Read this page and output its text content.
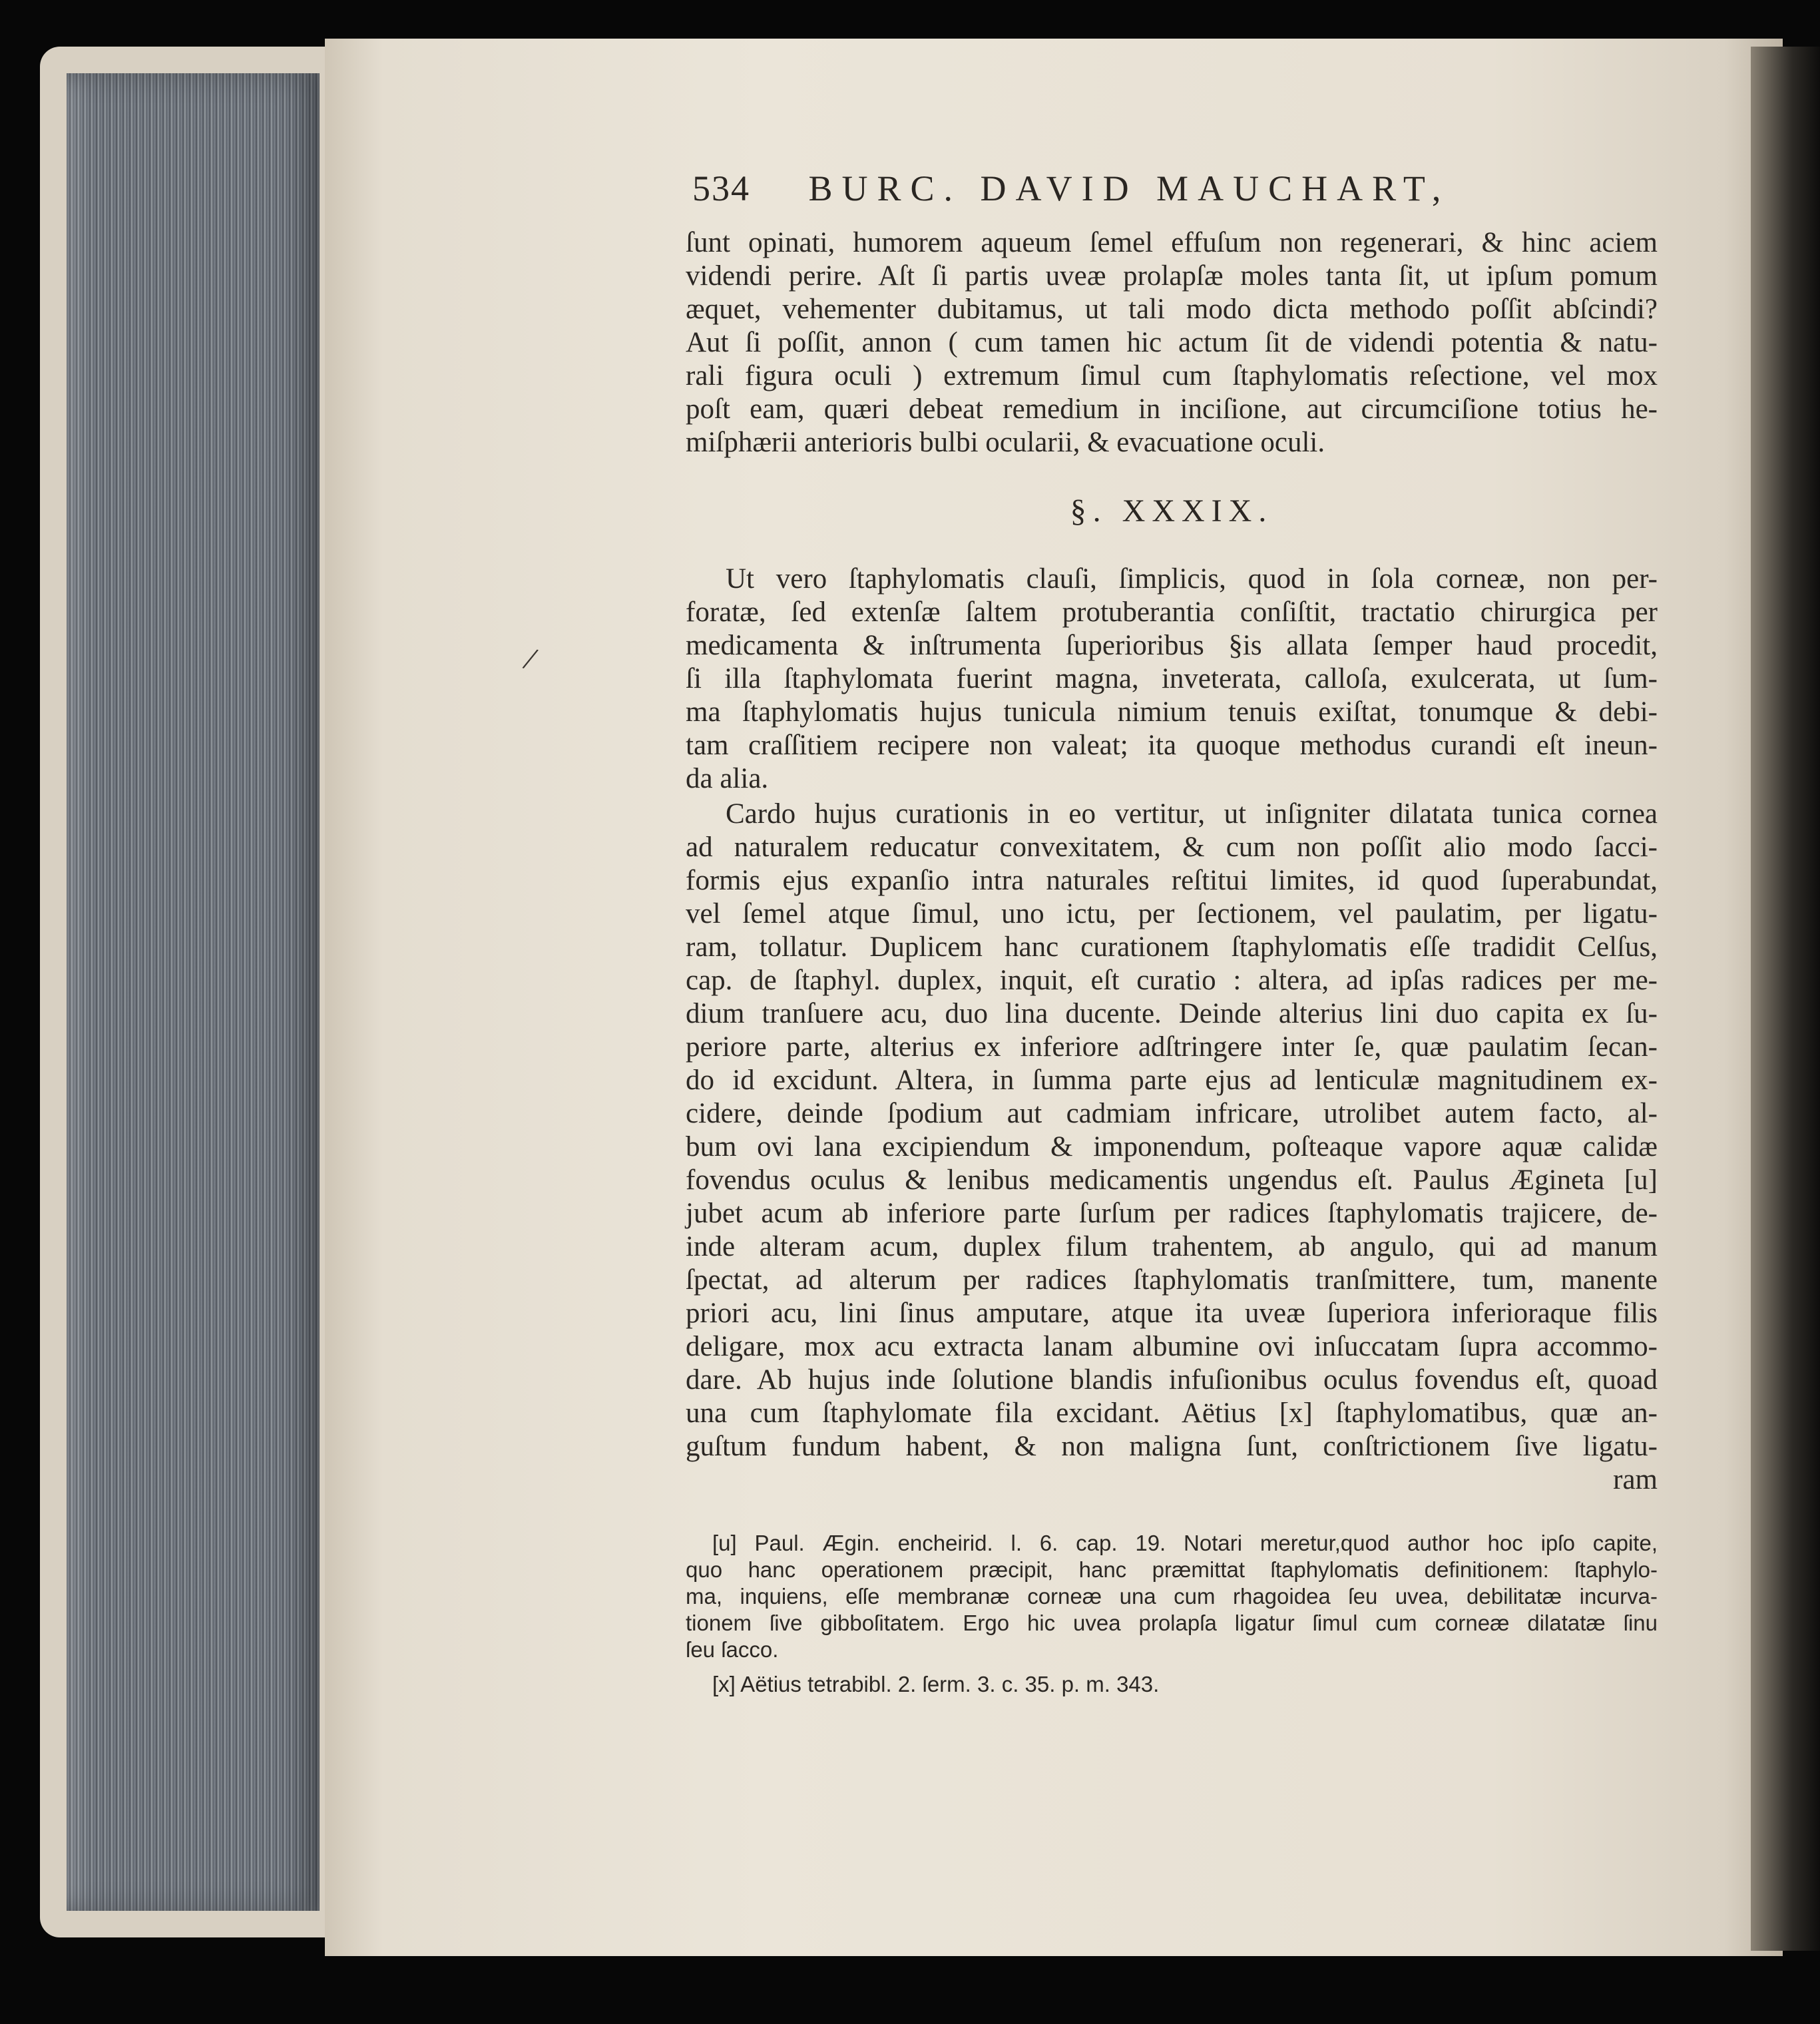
534 BURC. DAVID MAUCHART,
ſunt opinati, humorem aqueum ſemel effuſum non regenerari, & hinc aciem
videndi perire. Aſt ſi partis uveæ prolapſæ moles tanta ſit, ut ipſum pomum
æquet, vehementer dubitamus, ut tali modo dicta methodo poſſit abſcindi?
Aut ſi poſſit, annon ( cum tamen hic actum ſit de videndi potentia & natu-
rali figura oculi ) extremum ſimul cum ſtaphylomatis reſectione, vel mox
poſt eam, quæri debeat remedium in inciſione, aut circumciſione totius he-
miſphærii anterioris bulbi ocularii, & evacuatione oculi.
§. XXXIX.
Ut vero ſtaphylomatis clauſi, ſimplicis, quod in ſola corneæ, non per-
foratæ, ſed extenſæ ſaltem protuberantia conſiſtit, tractatio chirurgica per
medicamenta & inſtrumenta ſuperioribus §is allata ſemper haud procedit,
ſi illa ſtaphylomata fuerint magna, inveterata, calloſa, exulcerata, ut ſum-
ma ſtaphylomatis hujus tunicula nimium tenuis exiſtat, tonumque & debi-
tam craſſitiem recipere non valeat; ita quoque methodus curandi eſt ineun-
da alia.
Cardo hujus curationis in eo vertitur, ut inſigniter dilatata tunica cornea
ad naturalem reducatur convexitatem, & cum non poſſit alio modo ſacci-
formis ejus expanſio intra naturales reſtitui limites, id quod ſuperabundat,
vel ſemel atque ſimul, uno ictu, per ſectionem, vel paulatim, per ligatu-
ram, tollatur. Duplicem hanc curationem ſtaphylomatis eſſe tradidit Celſus,
cap. de ſtaphyl. duplex, inquit, eſt curatio : altera, ad ipſas radices per me-
dium tranſuere acu, duo lina ducente. Deinde alterius lini duo capita ex ſu-
periore parte, alterius ex inferiore adſtringere inter ſe, quæ paulatim ſecan-
do id excidunt. Altera, in ſumma parte ejus ad lenticulæ magnitudinem ex-
cidere, deinde ſpodium aut cadmiam infricare, utrolibet autem facto, al-
bum ovi lana excipiendum & imponendum, poſteaque vapore aquæ calidæ
fovendus oculus & lenibus medicamentis ungendus eſt. Paulus Ægineta [u]
jubet acum ab inferiore parte ſurſum per radices ſtaphylomatis trajicere, de-
inde alteram acum, duplex filum trahentem, ab angulo, qui ad manum
ſpectat, ad alterum per radices ſtaphylomatis tranſmittere, tum, manente
priori acu, lini ſinus amputare, atque ita uveæ ſuperiora inferioraque filis
deligare, mox acu extracta lanam albumine ovi inſuccatam ſupra accommo-
dare. Ab hujus inde ſolutione blandis infuſionibus oculus fovendus eſt, quoad
una cum ſtaphylomate fila excidant. Aëtius [x] ſtaphylomatibus, quæ an-
guſtum fundum habent, & non maligna ſunt, conſtrictionem ſive ligatu-
ram
[u] Paul. Ægin. encheirid. l. 6. cap. 19. Notari meretur,quod author hoc ipſo capite,
quo hanc operationem præcipit, hanc præmittat ſtaphylomatis definitionem: ſtaphylo-
ma, inquiens, eſſe membranæ corneæ una cum rhagoidea ſeu uvea, debilitatæ incurva-
tionem ſive gibboſitatem. Ergo hic uvea prolapſa ligatur ſimul cum corneæ dilatatæ ſinu
ſeu ſacco.
[x] Aëtius tetrabibl. 2. ſerm. 3. c. 35. p. m. 343.
/
